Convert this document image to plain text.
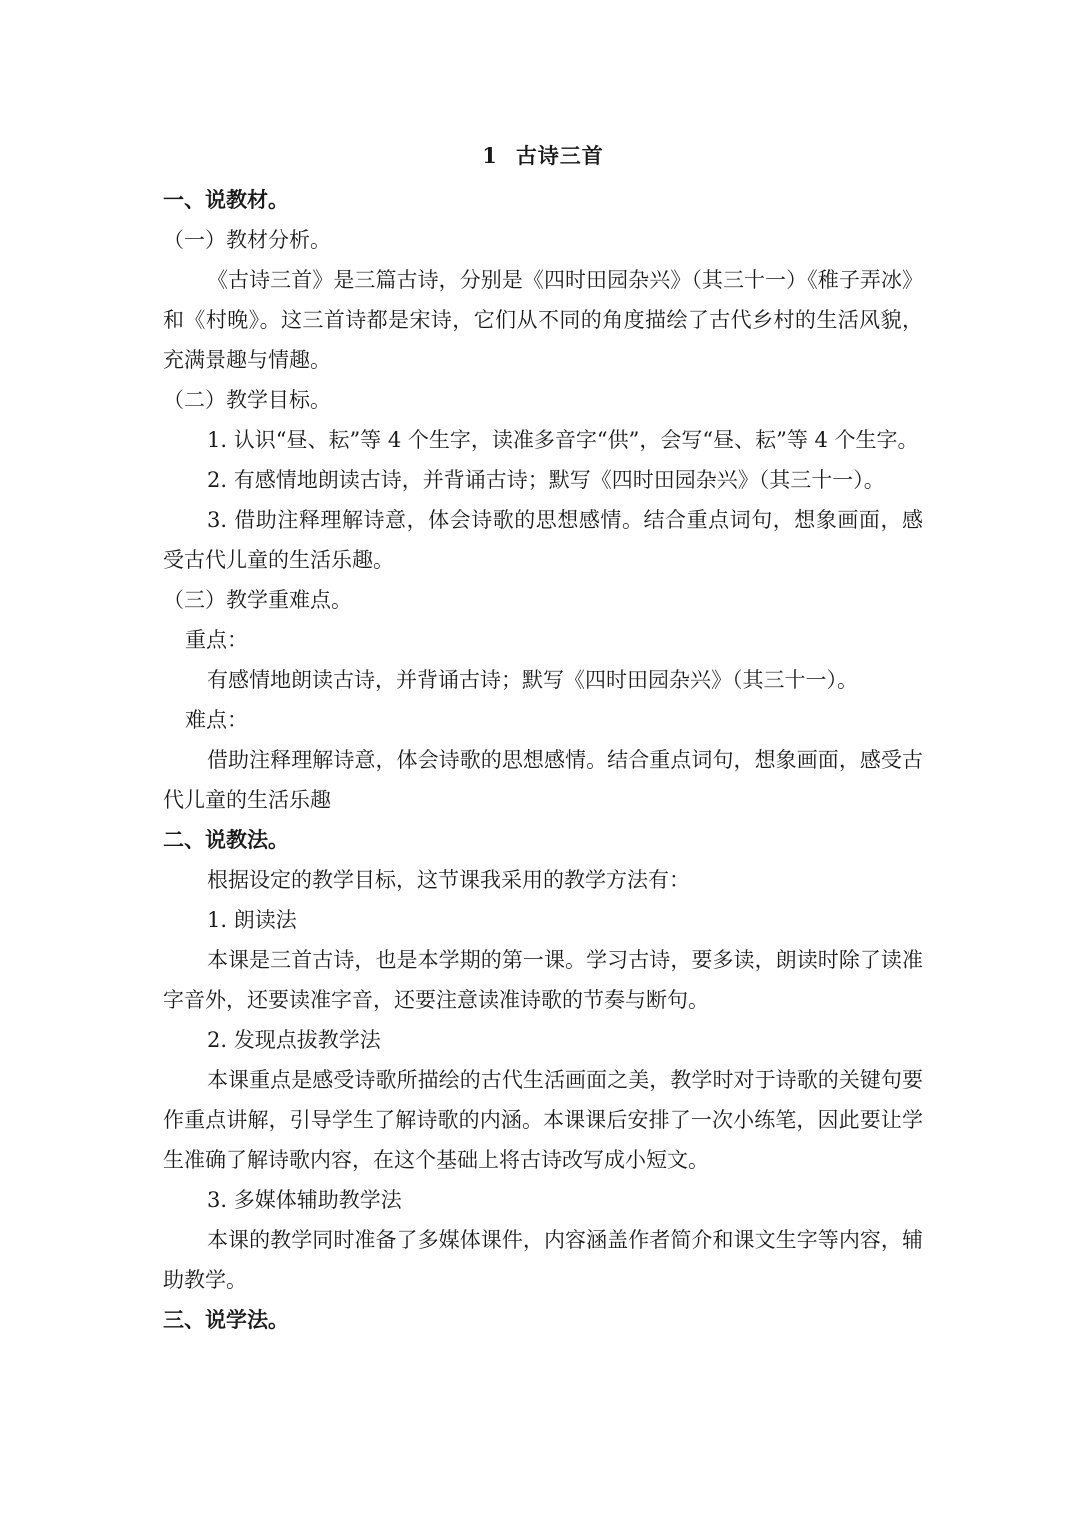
1 古诗三首
一、说教材。
（一）教材分析。
《古诗三首》是三篇古诗，分别是《四时田园杂兴》（其三十一）《稚子弄冰》和《村晚》。这三首诗都是宋诗，它们从不同的角度描绘了古代乡村的生活风貌，充满景趣与情趣。
（二）教学目标。
1. 认识“昼、耘”等 4 个生字，读准多音字“供”，会写“昼、耘”等 4 个生字。
2. 有感情地朗读古诗，并背诵古诗；默写《四时田园杂兴》（其三十一）。
3. 借助注释理解诗意，体会诗歌的思想感情。结合重点词句，想象画面，感受古代儿童的生活乐趣。
（三）教学重难点。
重点：
有感情地朗读古诗，并背诵古诗；默写《四时田园杂兴》（其三十一）。
难点：
借助注释理解诗意，体会诗歌的思想感情。结合重点词句，想象画面，感受古代儿童的生活乐趣
二、说教法。
根据设定的教学目标，这节课我采用的教学方法有：
1. 朗读法
本课是三首古诗，也是本学期的第一课。学习古诗，要多读，朗读时除了读准字音外，还要读准字音，还要注意读准诗歌的节奏与断句。
2. 发现点拔教学法
本课重点是感受诗歌所描绘的古代生活画面之美，教学时对于诗歌的关键句要作重点讲解，引导学生了解诗歌的内涵。本课课后安排了一次小练笔，因此要让学生准确了解诗歌内容，在这个基础上将古诗改写成小短文。
3. 多媒体辅助教学法
本课的教学同时准备了多媒体课件，内容涵盖作者简介和课文生字等内容，辅助教学。
三、说学法。
